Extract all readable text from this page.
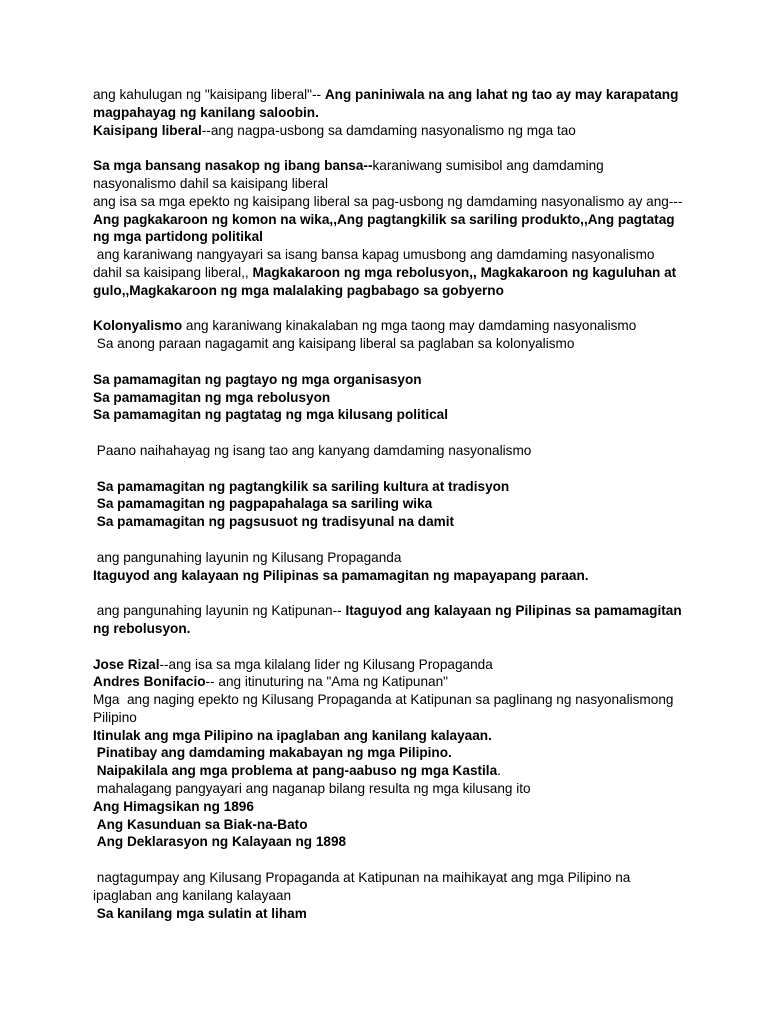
ang kahulugan ng "kaisipang liberal"-- Ang paniniwala na ang lahat ng tao ay may karapatang magpahayag ng kanilang saloobin.

Kaisipang liberal--ang nagpa-usbong sa damdaming nasyonalismo ng mga tao

Sa mga bansang nasakop ng ibang bansa--karaniwang sumisibol ang damdaming nasyonalismo dahil sa kaisipang liberal

ang isa sa mga epekto ng kaisipang liberal sa pag-usbong ng damdaming nasyonalismo ay ang--- Ang pagkakaroon ng komon na wika,,Ang pagtangkilik sa sariling produkto,,Ang pagtatag ng mga partidong politikal

ang karaniwang nangyayari sa isang bansa kapag umusbong ang damdaming nasyonalismo dahil sa kaisipang liberal,, Magkakaroon ng mga rebolusyon,, Magkakaroon ng kaguluhan at gulo,,Magkakaroon ng mga malalaking pagbabago sa gobyerno

Kolonyalismo ang karaniwang kinakalaban ng mga taong may damdaming nasyonalismo

Sa anong paraan nagagamit ang kaisipang liberal sa paglaban sa kolonyalismo

Sa pamamagitan ng pagtayo ng mga organisasyon

Sa pamamagitan ng mga rebolusyon

Sa pamamagitan ng pagtatag ng mga kilusang political

Paano naihahayag ng isang tao ang kanyang damdaming nasyonalismo

Sa pamamagitan ng pagtangkilik sa sariling kultura at tradisyon

Sa pamamagitan ng pagpapahalaga sa sariling wika

Sa pamamagitan ng pagsusuot ng tradisyunal na damit

ang pangunahing layunin ng Kilusang Propaganda

Itaguyod ang kalayaan ng Pilipinas sa pamamagitan ng mapayapang paraan.

ang pangunahing layunin ng Katipunan-- Itaguyod ang kalayaan ng Pilipinas sa pamamagitan ng rebolusyon.

Jose Rizal--ang isa sa mga kilalang lider ng Kilusang Propaganda

Andres Bonifacio-- ang itinuturing na "Ama ng Katipunan"

Mga  ang naging epekto ng Kilusang Propaganda at Katipunan sa paglinang ng nasyonalismong Pilipino

Itinulak ang mga Pilipino na ipaglaban ang kanilang kalayaan.

Pinatibay ang damdaming makabayan ng mga Pilipino.

Naipakilala ang mga problema at pang-aabuso ng mga Kastila.

mahalagang pangyayari ang naganap bilang resulta ng mga kilusang ito

Ang Himagsikan ng 1896

Ang Kasunduan sa Biak-na-Bato

Ang Deklarasyon ng Kalayaan ng 1898

nagtagumpay ang Kilusang Propaganda at Katipunan na maihikayat ang mga Pilipino na ipaglaban ang kanilang kalayaan

Sa kanilang mga sulatin at liham
